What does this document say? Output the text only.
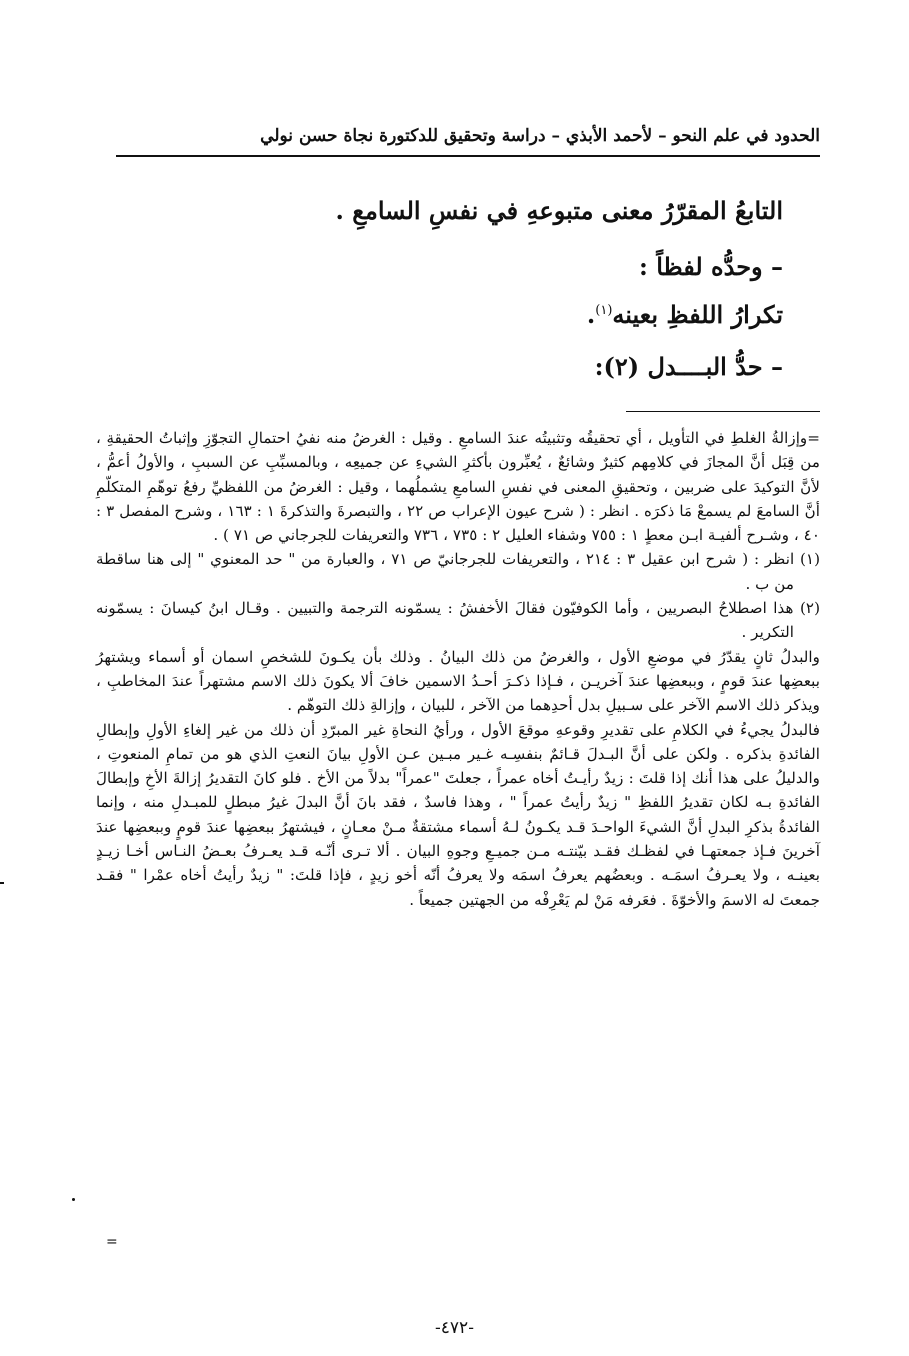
الحدود في علم النحو – لأحمد الأبذي – دراسة وتحقيق للدكتورة نجاة حسن نولي
التابعُ المقرّرُ معنى متبوعهِ في نفسِ السامعِ .
– وحدُّه لفظاً :
تكرارُ اللفظِ بعينه$^{(١)}$.
– حدُّ البــــدل (٢):

=وإزالةُ الغلطِ في التأويل ، أي تحقيقُه وتثبيتُه عندَ السامعِ . وقيل : الغرضُ منه نفيُ احتمالِ التجوّزِ وإثباتُ الحقيقةِ ، من قِبَل أنَّ المجازَ في كلامِهم كثيرٌ وشائعٌ ، يُعبِّرون بأكثرِ الشيءِ عن جميعِه ، وبالمسبِّبِ عن السببِ ، والأولُ أعمُّ ، لأنَّ التوكيدَ على ضربين ، وتحقيقِ المعنى في نفسِ السامعِ يشملُهما ، وقيل : الغرضُ من اللفظيِّ رفعُ توهّمِ المتكلّمِ أنَّ السامعَ لم يسمعْ مَا ذكرَه . انظر : ( شرح عيون الإعراب ص ٢٢ ، والتبصرةَ والتذكرةَ ١ : ١٦٣ ، وشرح المفصل ٣ : ٤٠ ، وشـرح ألفيـة ابـن معطٍ ١ : ٧٥٥ وشفاء العليل ٢ : ٧٣٥ ، ٧٣٦ والتعريفات للجرجاني ص ٧١ ) .

(١) انظر : ( شرح ابن عقيل ٣ : ٢١٤ ، والتعريفات للجرجانيّ ص ٧١ ، والعبارة من " حد المعنوي " إلى هنا ساقطة من ب .

(٢) هذا اصطلاحُ البصريين ، وأما الكوفيّون فقالَ الأخفشُ : يسمّونه الترجمة والتبيين . وقـال ابنُ كيسانَ : يسمّونه التكرير .

والبدلُ ثانٍ يقدّرُ في موضعِ الأول ، والغرضُ من ذلك البيانُ . وذلك بأن يكـونَ للشخصِ اسمان أو أسماء ويشتهرُ ببعضِها عندَ قومٍ ، وببعضِها عندَ آخريـن ، فـإذا ذكـرَ أحـدُ الاسمين خافَ ألا يكونَ ذلك الاسم مشتهراً عندَ المخاطبِ ، ويذكر ذلك الاسم الآخر على سـبيلِ بدل أحدِهما من الآخر ، للبيان ، وإزالةِ ذلك التوهّم .

فالبدلُ يجيءُ في الكلامِ على تقديرِ وقوعهِ موقعَ الأول ، ورأيُ النحاةِ غير المبرّدِ أن ذلك من غير إلغاءِ الأولِ وإبطالِ الفائدةِ بذكره . ولكن على أنَّ البـدلَ قـائمٌ بنفسِـه غـير مبـين عـن الأولِ بيانَ النعتِ الذي هو من تمامِ المنعوتِ ، والدليلُ على هذا أنك إذا قلتَ : زيدٌ رأيـتُ أخاه عمراً ، جعلتَ "عمراً" بدلاً من الأخ . فلو كانَ التقديرُ إزالةَ الأخِ وإبطالَ الفائدةِ بـه لكان تقديرُ اللفظِ " زيدٌ رأيتُ عمراً " ، وهذا فاسدٌ ، فقد بانَ أنَّ البدلَ غيرُ مبطلٍ للمبـدلِ منه ، وإنما الفائدةُ بذكرِ البدلِ أنَّ الشيءَ الواحـدَ قـد يكـونُ لـهُ أسماء مشتقةٌ مـنْ معـانٍ ، فيشتهرُ ببعضِها عندَ قومٍ وببعضِها عندَ آخرينَ فـإذ جمعتهـا في لفظـك فقـد بيّنتـه مـن جميـعِ وجوهِ البيان . ألا تـرى أنّـه قـد يعـرفُ بعـضُ النـاس أخـا زيـدٍ بعينـه ، ولا يعـرفُ اسمَـه . وبعضُهم يعرفُ اسمَه ولا يعرفُ أنّه أخو زيدٍ ، فإذا قلتَ: " زيدٌ رأيتُ أخاه عمْرا " فقـد جمعتَ له الاسمَ والأخوّةَ . فعَرفه مَنْ لم يَعْرِفْه من الجهتين جميعاً .

=
-٤٧٢-
